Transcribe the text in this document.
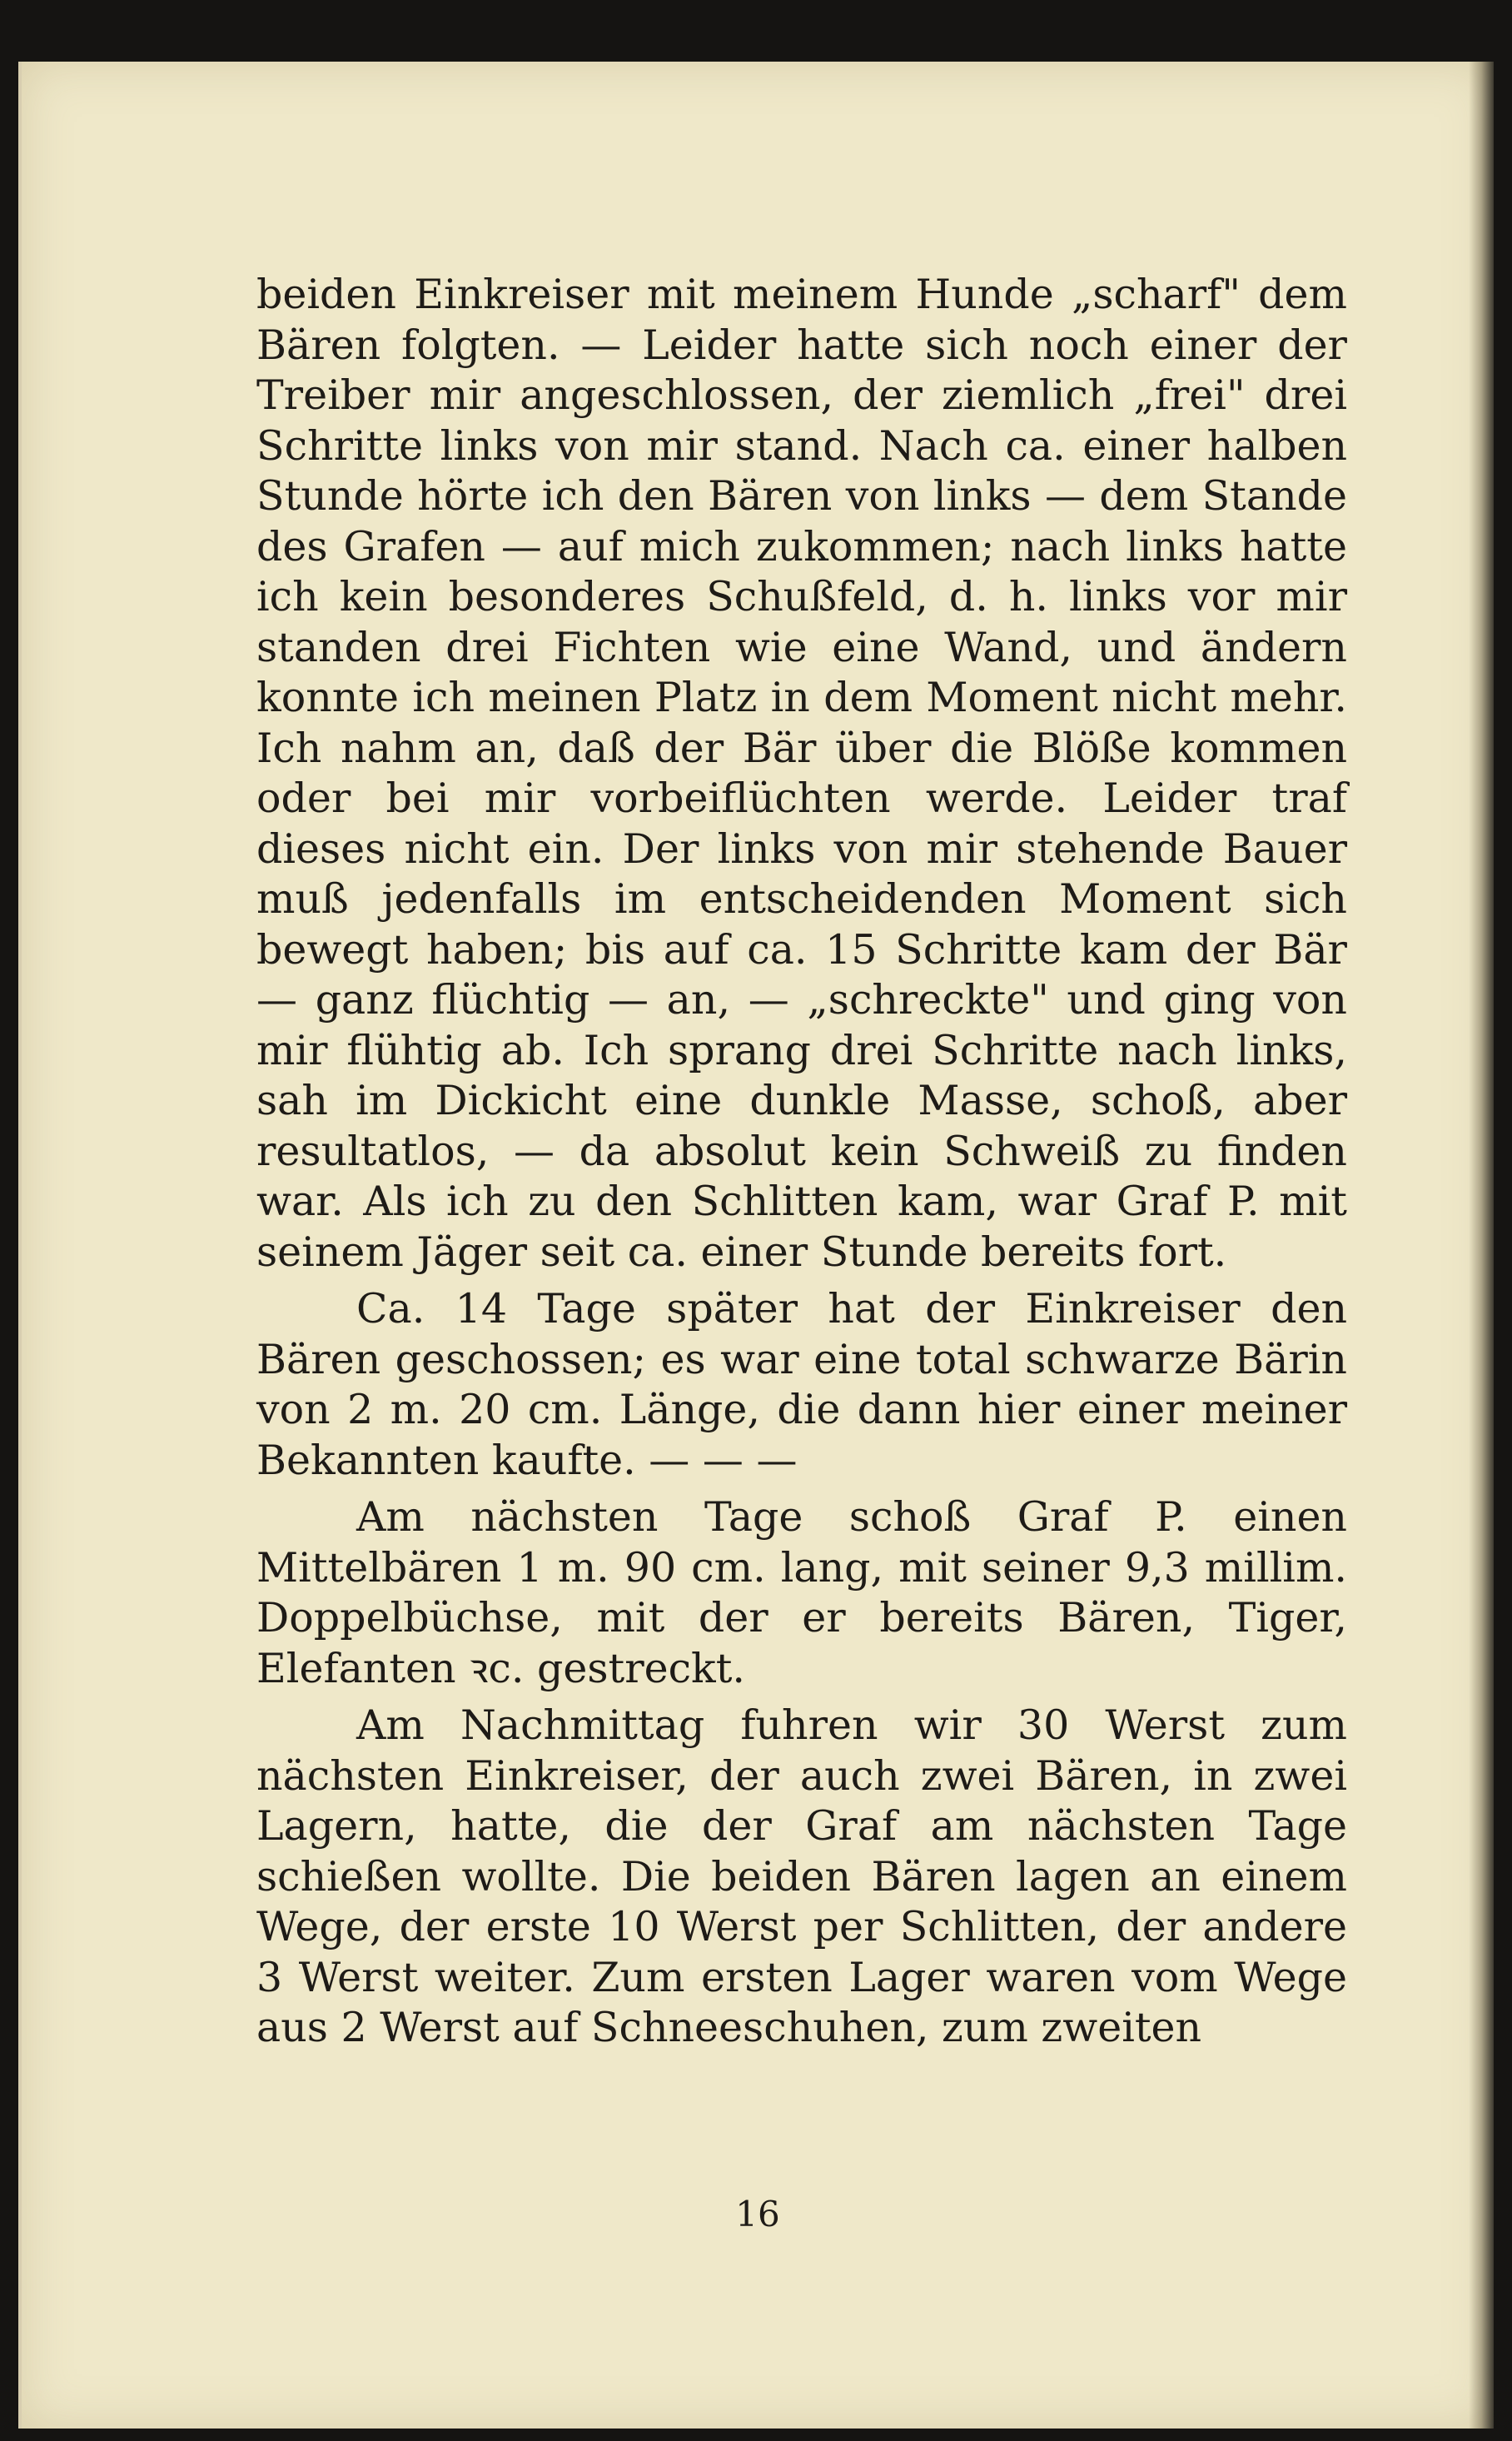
beiden Einkreiser mit meinem Hunde „scharf" dem Bären folgten. — Leider hatte sich noch einer der Treiber mir angeschlossen, der ziemlich „frei" drei Schritte links von mir stand. Nach ca. einer halben Stunde hörte ich den Bären von links — dem Stande des Grafen — auf mich zukommen; nach links hatte ich kein besonderes Schußfeld, d. h. links vor mir standen drei Fichten wie eine Wand, und ändern konnte ich meinen Platz in dem Moment nicht mehr. Ich nahm an, daß der Bär über die Blöße kommen oder bei mir vorbeiflüchten werde. Leider traf dieses nicht ein. Der links von mir stehende Bauer muß jedenfalls im entscheidenden Moment sich bewegt haben; bis auf ca. 15 Schritte kam der Bär — ganz flüchtig — an, — „schreckte" und ging von mir flühtig ab. Ich sprang drei Schritte nach links, sah im Dickicht eine dunkle Masse, schoß, aber resultatlos, — da absolut kein Schweiß zu finden war. Als ich zu den Schlitten kam, war Graf P. mit seinem Jäger seit ca. einer Stunde bereits fort.

Ca. 14 Tage später hat der Einkreiser den Bären geschossen; es war eine total schwarze Bärin von 2 m. 20 cm. Länge, die dann hier einer meiner Bekannten kaufte. — — —

Am nächsten Tage schoß Graf P. einen Mittelbären 1 m. 90 cm. lang, mit seiner 9,3 millim. Doppelbüchse, mit der er bereits Bären, Tiger, Elefanten ꝛc. gestreckt.

Am Nachmittag fuhren wir 30 Werst zum nächsten Einkreiser, der auch zwei Bären, in zwei Lagern, hatte, die der Graf am nächsten Tage schießen wollte. Die beiden Bären lagen an einem Wege, der erste 10 Werst per Schlitten, der andere 3 Werst weiter. Zum ersten Lager waren vom Wege aus 2 Werst auf Schneeschuhen, zum zweiten

16
